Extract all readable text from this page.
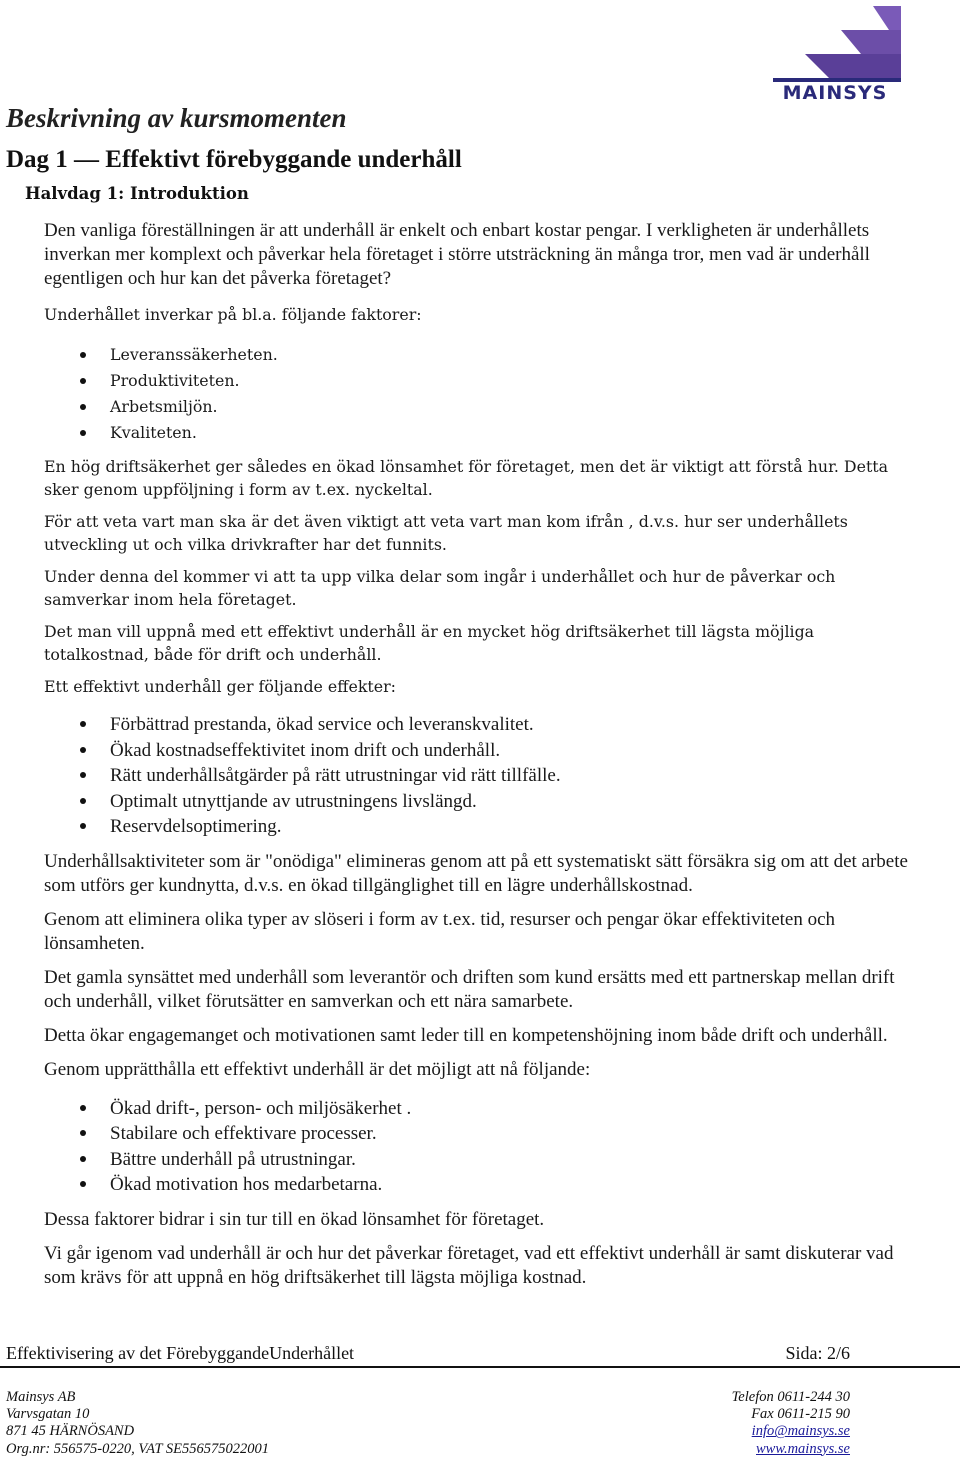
MAINSYS
Beskrivning av kursmomenten
Dag 1 — Effektivt förebyggande underhåll
Halvdag 1: Introduktion

Den vanliga föreställningen är att underhåll är enkelt och enbart kostar pengar. I verkligheten är underhållets inverkan mer komplext och påverkar hela företaget i större utsträckning än många tror, men vad är underhåll egentligen och hur kan det påverka företaget?

Underhållet inverkar på bl.a. följande faktorer:

Leveranssäkerheten.
Produktiviteten.
Arbetsmiljön.
Kvaliteten.

En hög driftsäkerhet ger således en ökad lönsamhet för företaget, men det är viktigt att förstå hur. Detta sker genom uppföljning i form av t.ex. nyckeltal.

För att veta vart man ska är det även viktigt att veta vart man kom ifrån , d.v.s. hur ser underhållets utveckling ut och vilka drivkrafter har det funnits.

Under denna del kommer vi att ta upp vilka delar som ingår i underhållet och hur de påverkar och samverkar inom hela företaget.

Det man vill uppnå med ett effektivt underhåll är en mycket hög driftsäkerhet till lägsta möjliga totalkostnad, både för drift och underhåll.

Ett effektivt underhåll ger följande effekter:

Förbättrad prestanda, ökad service och leveranskvalitet.
Ökad kostnadseffektivitet inom drift och underhåll.
Rätt underhållsåtgärder på rätt utrustningar vid rätt tillfälle.
Optimalt utnyttjande av utrustningens livslängd.
Reservdelsoptimering.

Underhållsaktiviteter som är "onödiga" elimineras genom att på ett systematiskt sätt försäkra sig om att det arbete som utförs ger kundnytta, d.v.s. en ökad tillgänglighet till en lägre underhållskostnad.

Genom att eliminera olika typer av slöseri i form av t.ex. tid, resurser och pengar ökar effektiviteten och lönsamheten.

Det gamla synsättet med underhåll som leverantör och driften som kund ersätts med ett partnerskap mellan drift och underhåll, vilket förutsätter en samverkan och ett nära samarbete.

Detta ökar engagemanget och motivationen samt leder till en kompetenshöjning inom både drift och underhåll.

Genom upprätthålla ett effektivt underhåll är det möjligt att nå följande:

Ökad drift-, person- och miljösäkerhet .
Stabilare och effektivare processer.
Bättre underhåll på utrustningar.
Ökad motivation hos medarbetarna.

Dessa faktorer bidrar i sin tur till en ökad lönsamhet för företaget.

Vi går igenom vad underhåll är och hur det påverkar företaget, vad ett effektivt underhåll är samt diskuterar vad som krävs för att uppnå en hög driftsäkerhet till lägsta möjliga kostnad.

Effektivisering av det FörebyggandeUnderhållet	Sida: 2/6
Mainsys AB
Varvsgatan 10
871 45 HÄRNÖSAND
Org.nr: 556575-0220, VAT SE556575022001
Telefon 0611-244 30
Fax 0611-215 90
info@mainsys.se
www.mainsys.se
